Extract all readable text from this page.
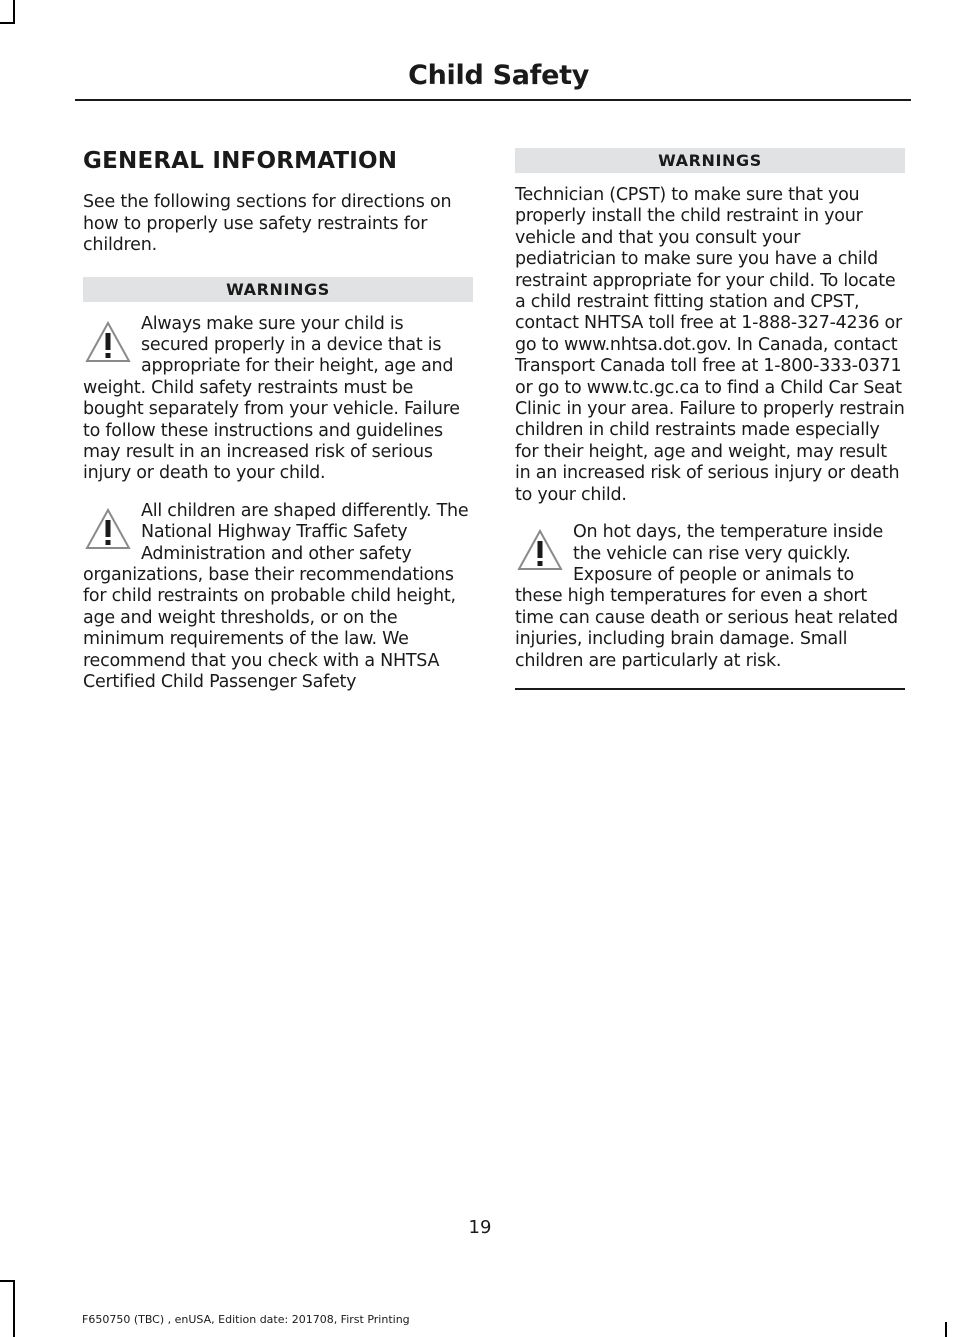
Child Safety
GENERAL INFORMATION

See the following sections for directions on how to properly use safety restraints for children.

WARNINGS
Always make sure your child is secured properly in a device that is appropriate for their height, age and weight. Child safety restraints must be bought separately from your vehicle. Failure to follow these instructions and guidelines may result in an increased risk of serious injury or death to your child.
All children are shaped differently. The National Highway Traffic Safety Administration and other safety organizations, base their recommendations for child restraints on probable child height, age and weight thresholds, or on the minimum requirements of the law. We recommend that you check with a NHTSA Certified Child Passenger Safety
WARNINGS
Technician (CPST) to make sure that you properly install the child restraint in your vehicle and that you consult your pediatrician to make sure you have a child restraint appropriate for your child. To locate a child restraint fitting station and CPST, contact NHTSA toll free at 1-888-327-4236 or go to www.nhtsa.dot.gov. In Canada, contact Transport Canada toll free at 1-800-333-0371 or go to www.tc.gc.ca to find a Child Car Seat Clinic in your area. Failure to properly restrain children in child restraints made especially for their height, age and weight, may result in an increased risk of serious injury or death to your child.
On hot days, the temperature inside the vehicle can rise very quickly. Exposure of people or animals to these high temperatures for even a short time can cause death or serious heat related injuries, including brain damage. Small children are particularly at risk.
19
F650750 (TBC) , enUSA, Edition date: 201708, First Printing
